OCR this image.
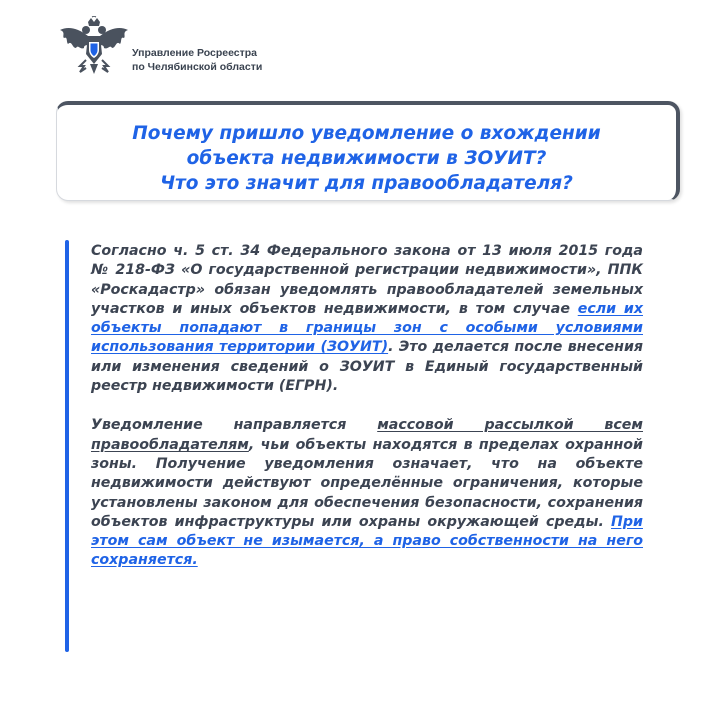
Управление Росреестра
по Челябинской области
Почему пришло уведомление о вхождении
объекта недвижимости в ЗОУИТ?
Что это значит для правообладателя?

Согласно ч. 5 ст. 34 Федерального закона от 13 июля 2015 года № 218-ФЗ «О государственной регистрации недвижимости», ППК «Роскадастр» обязан уведомлять правообладателей земельных участков и иных объектов недвижимости, в том случае если их объекты попадают в границы зон с особыми условиями использования территории (ЗОУИТ). Это делается после внесения или изменения сведений о ЗОУИТ в Единый государственный реестр недвижимости (ЕГРН).

Уведомление направляется массовой рассылкой всем правообладателям, чьи объекты находятся в пределах охранной зоны. Получение уведомления означает, что на объекте недвижимости действуют определённые ограничения, которые установлены законом для обеспечения безопасности, сохранения объектов инфраструктуры или охраны окружающей среды. При этом сам объект не изымается, а право собственности на него сохраняется.
